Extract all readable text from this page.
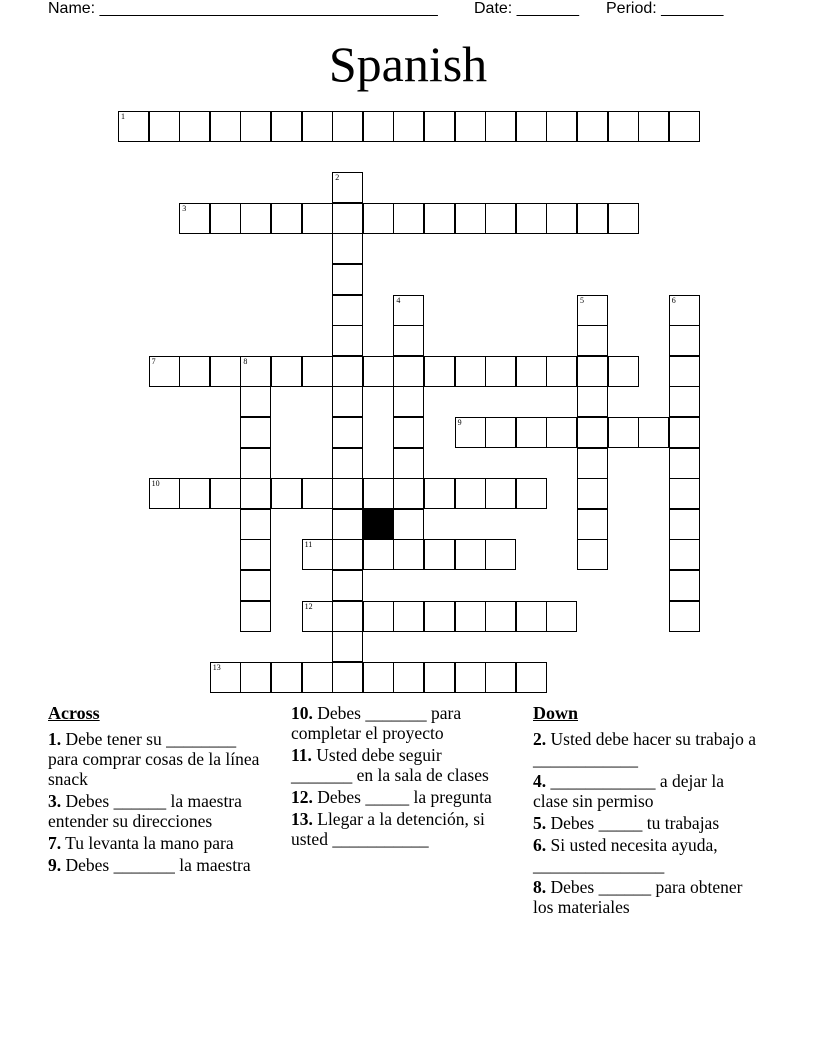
Name: ______________________________________

Date: _______

Period: _______

Spanish
1
2
3
4	5	6
7	8
9
10
11
12
13
Across
1. Debe tener su ________ para comprar cosas de la línea snack
3. Debes ______ la maestra entender su direcciones
7. Tu levanta la mano para
9. Debes _______ la maestra
10. Debes _______ para completar el proyecto
11. Usted debe seguir _______ en la sala de clases
12. Debes _____ la pregunta
13. Llegar a la detención, si usted ___________
Down
2. Usted debe hacer su trabajo a ____________
4. ____________ a dejar la clase sin permiso
5. Debes _____ tu trabajas
6. Si usted necesita ayuda, _______________
8. Debes ______ para obtener los materiales
